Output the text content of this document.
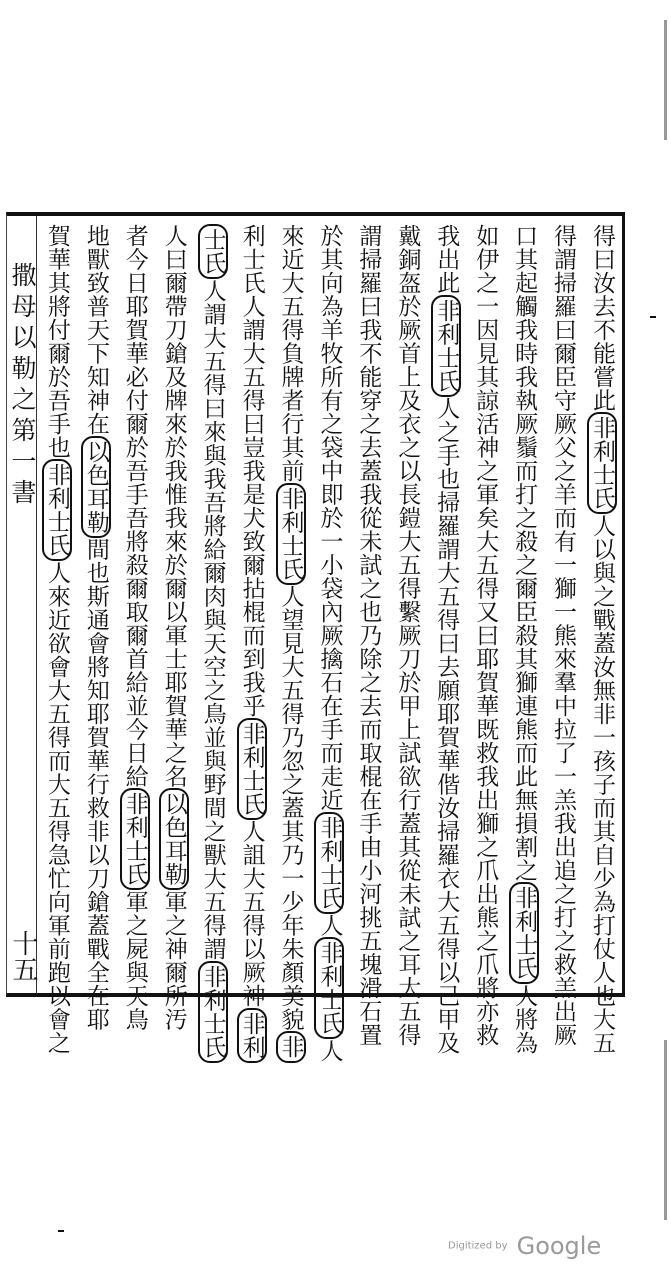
撒母以勒之第一書
十五
得曰汝去不能嘗此非利士氏人以與之戰蓋汝無非一孩子而其自少為打仗人也大五
得謂掃羅曰爾臣守厥父之羊而有一獅一熊來羣中拉了一羔我出追之打之救羔出厥
口其起觸我時我執厥鬚而打之殺之爾臣殺其獅連熊而此無損割之非利士氏人將為
如伊之一因見其諒活神之軍矣大五得又曰耶賀華既救我出獅之爪出熊之爪將亦救
我出此非利士氏人之手也掃羅謂大五得曰去願耶賀華偕汝掃羅衣大五得以己甲及
戴銅盔於厥首上及衣之以長鎧大五得繫厥刀於甲上試欲行蓋其從未試之耳大五得
謂掃羅曰我不能穿之去蓋我從未試之也乃除之去而取棍在手由小河挑五塊滑石置
於其向為羊牧所有之袋中即於一小袋內厥擒石在手而走近非利士氏人非利士氏人
來近大五得負牌者行其前非利士氏人望見大五得乃忽之蓋其乃一少年朱顏美貌非
利士氏人謂大五得曰豈我是犬致爾拈棍而到我乎非利士氏人詛大五得以厥神非利
士氏人謂大五得曰來與我吾將給爾肉與天空之鳥並與野間之獸大五得謂非利士氏
人曰爾帶刀鎗及牌來於我惟我來於爾以軍士耶賀華之名以色耳勒軍之神爾所汚
者今日耶賀華必付爾於吾手吾將殺爾取爾首給並今日給非利士氏軍之屍與天鳥
地獸致普天下知神在以色耳勒間也斯通會將知耶賀華行救非以刀鎗蓋戰全在耶
賀華其將付爾於吾手也非利士氏人來近欲會大五得而大五得急忙向軍前跑以會之
Digitized by Google
